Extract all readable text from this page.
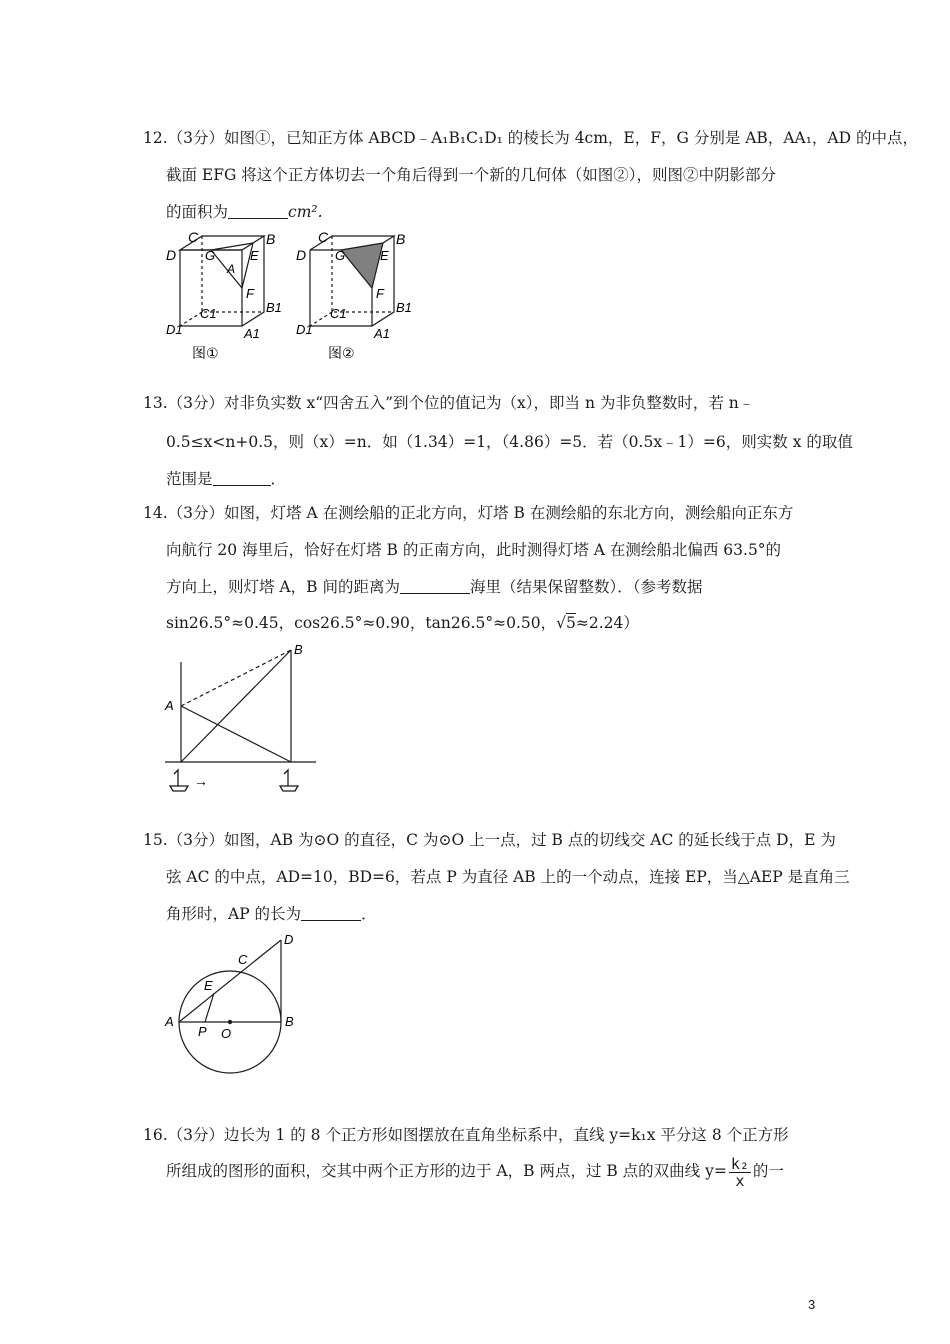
12.（3分）如图①，已知正方体 ABCD﹣A₁B₁C₁D₁ 的棱长为 4cm，E，F，G 分别是 AB，AA₁，AD 的中点，
截面 EFG 将这个正方体切去一个角后得到一个新的几何体（如图②），则图②中阴影部分
的面积为	cm².
C	B
D G	E
A
F
B1
D1
C1
A1
图①
C	B
D G	E
F
B1
D1
C1
A1
图②
13.（3分）对非负实数 x“四舍五入”到个位的值记为（x），即当 n 为非负整数时，若 n﹣
0.5≤x<n+0.5，则（x）=n．如（1.34）=1，（4.86）=5．若（0.5x﹣1）=6，则实数 x 的取值
范围是	．
14.（3分）如图，灯塔 A 在测绘船的正北方向，灯塔 B 在测绘船的东北方向，测绘船向正东方
向航行 20 海里后，恰好在灯塔 B 的正南方向，此时测得灯塔 A 在测绘船北偏西 63.5°的
方向上，则灯塔 A，B 间的距离为	海里（结果保留整数）．（参考数据
sin26.5°≈0.45，cos26.5°≈0.90，tan26.5°≈0.50，√5≈2.24）
A
B
→
15.（3分）如图，AB 为⊙O 的直径，C 为⊙O 上一点，过 B 点的切线交 AC 的延长线于点 D，E 为
弦 AC 的中点，AD=10，BD=6，若点 P 为直径 AB 上的一个动点，连接 EP，当△AEP 是直角三
角形时，AP 的长为	．
D
C
E
A
P O
B
16.（3分）边长为 1 的 8 个正方形如图摆放在直角坐标系中，直线 y=k₁x 平分这 8 个正方形
所组成的图形的面积，交其中两个正方形的边于 A，B 两点，过 B 点的双曲线 $y= \frac{\text{k₂}}{x}$ 的一
3
